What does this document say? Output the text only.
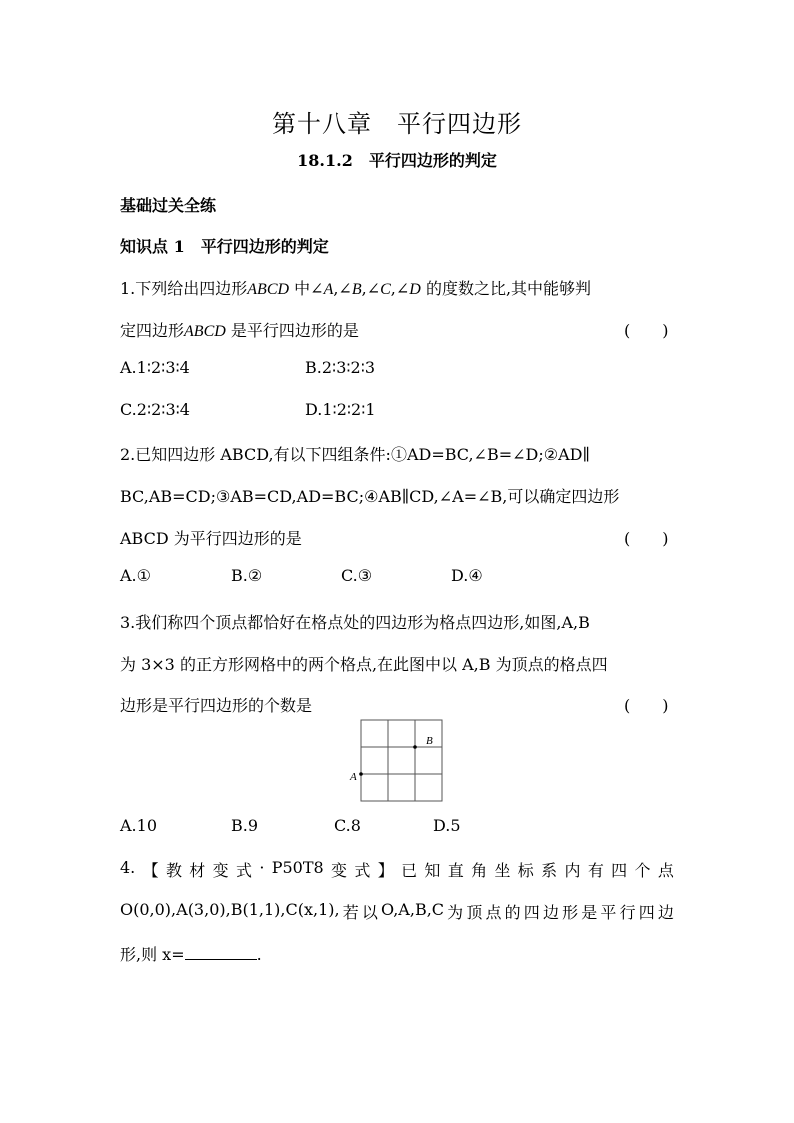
第十八章　平行四边形
18.1.2　平行四边形的判定
基础过关全练
知识点 1　平行四边形的判定
1.下列给出四边形ABCD 中∠A,∠B,∠C,∠D 的度数之比,其中能够判
定四边形ABCD 是平行四边形的是	(　　)
A.1∶2∶3∶4	B.2∶3∶2∶3
C.2∶2∶3∶4	D.1∶2∶2∶1
2.已知四边形 ABCD,有以下四组条件:①AD=BC,∠B=∠D;②AD∥
BC,AB=CD;③AB=CD,AD=BC;④AB∥CD,∠A=∠B,可以确定四边形
ABCD 为平行四边形的是	(　　)
A.①	B.②	C.③	D.④
3.我们称四个顶点都恰好在格点处的四边形为格点四边形,如图,A,B
为 3×3 的正方形网格中的两个格点,在此图中以 A,B 为顶点的格点四
边形是平行四边形的个数是	(　　)
A
B
A.10	B.9	C.8	D.5
4. 【 教 材 变 式 · P50T8 变 式 】 已 知 直 角 坐 标 系 内 有 四 个 点
O(0,0),A(3,0),B(1,1),C(x,1), 若 以 O,A,B,C 为 顶 点 的 四 边 形 是 平 行 四 边
形,则 x=	.
